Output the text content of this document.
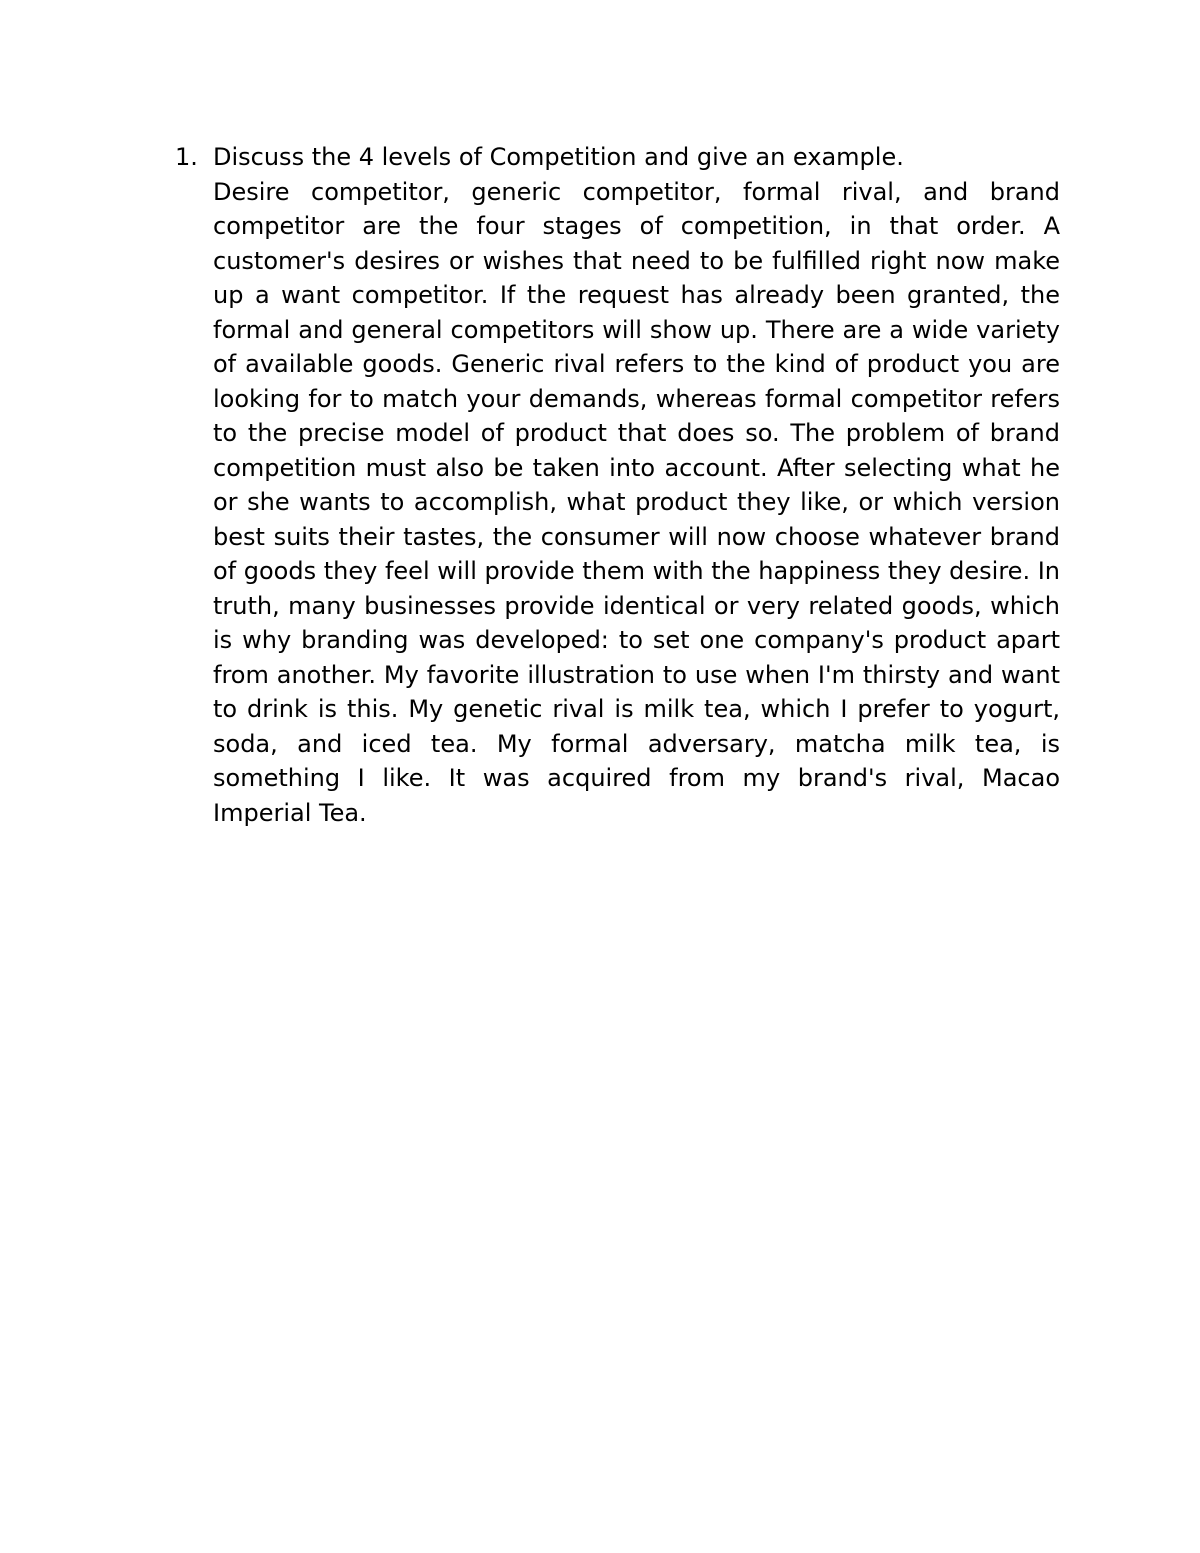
1. Discuss the 4 levels of Competition and give an example.

Desire competitor, generic competitor, formal rival, and brand competitor are the four stages of competition, in that order. A customer's desires or wishes that need to be fulfilled right now make up a want competitor. If the request has already been granted, the formal and general competitors will show up. There are a wide variety of available goods. Generic rival refers to the kind of product you are looking for to match your demands, whereas formal competitor refers to the precise model of product that does so. The problem of brand competition must also be taken into account. After selecting what he or she wants to accomplish, what product they like, or which version best suits their tastes, the consumer will now choose whatever brand of goods they feel will provide them with the happiness they desire. In truth, many businesses provide identical or very related goods, which is why branding was developed: to set one company's product apart from another. My favorite illustration to use when I'm thirsty and want to drink is this. My genetic rival is milk tea, which I prefer to yogurt, soda, and iced tea. My formal adversary, matcha milk tea, is something I like. It was acquired from my brand's rival, Macao Imperial Tea.
